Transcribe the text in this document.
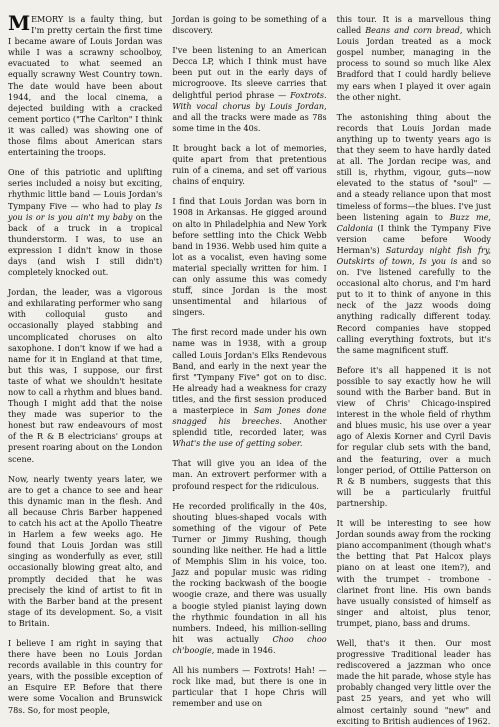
MEMORY is a faulty thing, but I'm pretty certain the first time I became aware of Louis Jordan was while I was a scrawny schoolboy, evacuated to what seemed an equally scrawny West Country town. The date would have been about 1944, and the local cinema, a dejected building with a cracked cement portico ("The Carlton" I think it was called) was showing one of those films about American stars entertaining the troops.

One of this patriotic and uplifting series included a noisy but exciting, rhythmic little band — Louis Jordan's Tympany Five — who had to play Is you is or is you ain't my baby on the back of a truck in a tropical thunderstorm. I was, to use an expression I didn't know in those days (and wish I still didn't) completely knocked out.

Jordan, the leader, was a vigorous and exhilarating performer who sang with colloquial gusto and occasionally played stabbing and uncomplicated choruses on alto saxophone. I don't know if we had a name for it in England at that time, but this was, I suppose, our first taste of what we shouldn't hesitate now to call a rhythm and blues band. Though I might add that the noise they made was superior to the honest but raw endeavours of most of the R & B electricians' groups at present roaring about on the London scene.

Now, nearly twenty years later, we are to get a chance to see and hear this dynamic man in the flesh. And all because Chris Barber happened to catch his act at the Apollo Theatre in Harlem a few weeks ago. He found that Louis Jordan was still singing as wonderfully as ever, still occasionally blowing great alto, and promptly decided that he was precisely the kind of artist to fit in with the Barber band at the present stage of its development. So, a visit to Britain.

I believe I am right in saying that there have been no Louis Jordan records available in this country for years, with the possible exception of an Esquire EP. Before that there were some Vocalion and Brunswick 78s. So, for most people,

Jordan is going to be something of a discovery.

I've been listening to an American Decca LP, which I think must have been put out in the early days of microgroove. Its sleeve carries that delightful period phrase — Foxtrots. With vocal chorus by Louis Jordan, and all the tracks were made as 78s some time in the 40s.

It brought back a lot of memories, quite apart from that pretentious ruin of a cinema, and set off various chains of enquiry.

I find that Louis Jordan was born in 1908 in Arkansas. He gigged around on alto in Philadelphia and New York before settling into the Chick Webb band in 1936. Webb used him quite a lot as a vocalist, even having some material specially written for him. I can only assume this was comedy stuff, since Jordan is the most unsentimental and hilarious of singers.

The first record made under his own name was in 1938, with a group called Louis Jordan's Elks Rendevous Band, and early in the next year the first "Tympany Five" got on to disc. He already had a weakness for crazy titles, and the first session produced a masterpiece in Sam Jones done snagged his breeches. Another splendid title, recorded later, was What's the use of getting sober.

That will give you an idea of the man. An extrovert performer with a profound respect for the ridiculous.

He recorded prolifically in the 40s, shouting blues-shaped vocals with something of the vigour of Pete Turner or Jimmy Rushing, though sounding like neither. He had a little of Memphis Slim in his voice, too. Jazz and popular music was riding the rocking backwash of the boogie woogie craze, and there was usually a boogie styled pianist laying down the rhythmic foundation in all his numbers. Indeed, his million-selling hit was actually Choo choo ch'boogie, made in 1946.

All his numbers — Foxtrots! Hah! — rock like mad, but there is one in particular that I hope Chris will remember and use on

this tour. It is a marvellous thing called Beans and corn bread, which Louis Jordan treated as a mock gospel number, managing in the process to sound so much like Alex Bradford that I could hardly believe my ears when I played it over again the other night.

The astonishing thing about the records that Louis Jordan made anything up to twenty years ago is that they seem to have hardly dated at all. The Jordan recipe was, and still is, rhythm, vigour, guts—now elevated to the status of "soul" — and a steady reliance upon that most timeless of forms—the blues. I've just been listening again to Buzz me, Caldonia (I think the Tympany Five version came before Woody Herman's) Saturday night fish fry, Outskirts of town, Is you is and so on. I've listened carefully to the occasional alto chorus, and I'm hard put to it to think of anyone in this neck of the jazz woods doing anything radically different today. Record companies have stopped calling everything foxtrots, but it's the same magnificent stuff.

Before it's all happened it is not possible to say exactly how he will sound with the Barber band. But in view of Chris' Chicago-inspired interest in the whole field of rhythm and blues music, his use over a year ago of Alexis Korner and Cyril Davis for regular club sets with the band, and the featuring, over a much longer period, of Ottilie Patterson on R & B numbers, suggests that this will be a particularly fruitful partnership.

It will be interesting to see how Jordan sounds away from the rocking piano accompaniment (though what's the betting that Pat Halcox plays piano on at least one item?), and with the trumpet - trombone - clarinet front line. His own bands have usually consisted of himself as singer and altoist, plus tenor, trumpet, piano, bass and drums.

Well, that's it then. Our most progressive Traditional leader has rediscovered a jazzman who once made the hit parade, whose style has probably changed very little over the past 25 years, and yet who will almost certainly sound "new" and exciting to British audiences of 1962.
